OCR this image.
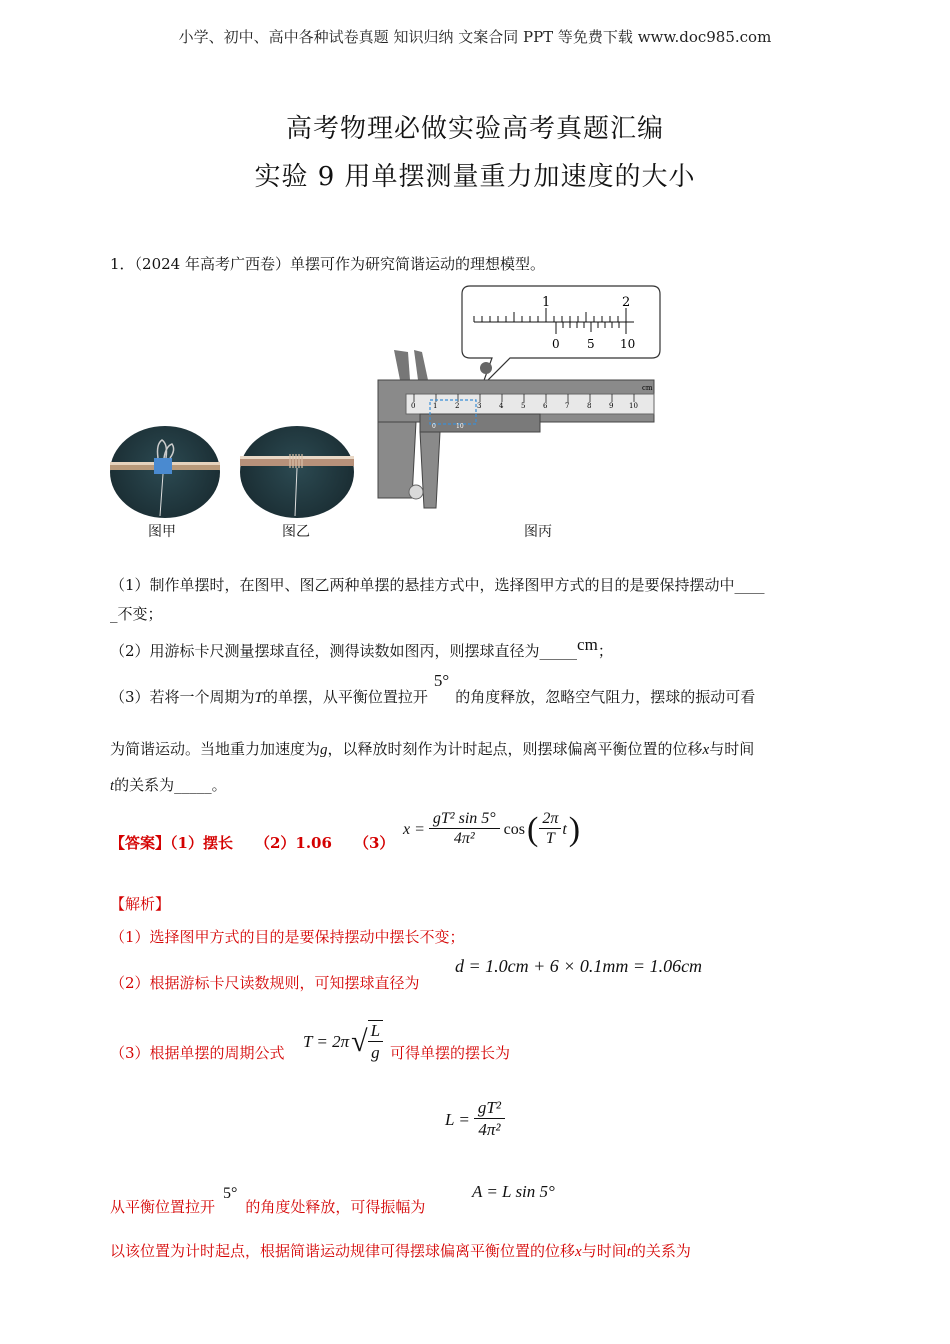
小学、初中、高中各种试卷真题 知识归纳 文案合同 PPT 等免费下载 www.doc985.com
高考物理必做实验高考真题汇编
实验 9 用单摆测量重力加速度的大小
1．（2024 年高考广西卷）单摆可作为研究简谐运动的理想模型。
图甲	图乙
1	2
0 5 10
0	1	2	3	4	5	6	7	8	9 10
cm
0	10
图丙
（1）制作单摆时，在图甲、图乙两种单摆的悬挂方式中，选择图甲方式的目的是要保持摆动中____
_不变；
（2）用游标卡尺测量摆球直径，测得读数如图丙，则摆球直径为_____cm；
（3）若将一个周期为T的单摆，从平衡位置拉开5°的角度释放，忽略空气阻力，摆球的振动可看
为简谐运动。当地重力加速度为g，以释放时刻作为计时起点，则摆球偏离平衡位置的位移x与时间
t的关系为_____。
【答案】（1）摆长 （2）1.06 （3）
x =	gT² sin 5°	cos	(	2π	t	)
	4π²			T		
【解析】
（1）选择图甲方式的目的是要保持摆动中摆长不变；
（2）根据游标卡尺读数规则，可知摆球直径为
d = 1.0cm + 6 × 0.1mm = 1.06cm
（3）根据单摆的周期公式
T = 2π	√	L
g 可得单摆的摆长为
L =	gT²
4π²
从平衡位置拉开5°的角度处释放，可得振幅为
A = L sin 5°
以该位置为计时起点，根据简谐运动规律可得摆球偏离平衡位置的位移x与时间t的关系为
